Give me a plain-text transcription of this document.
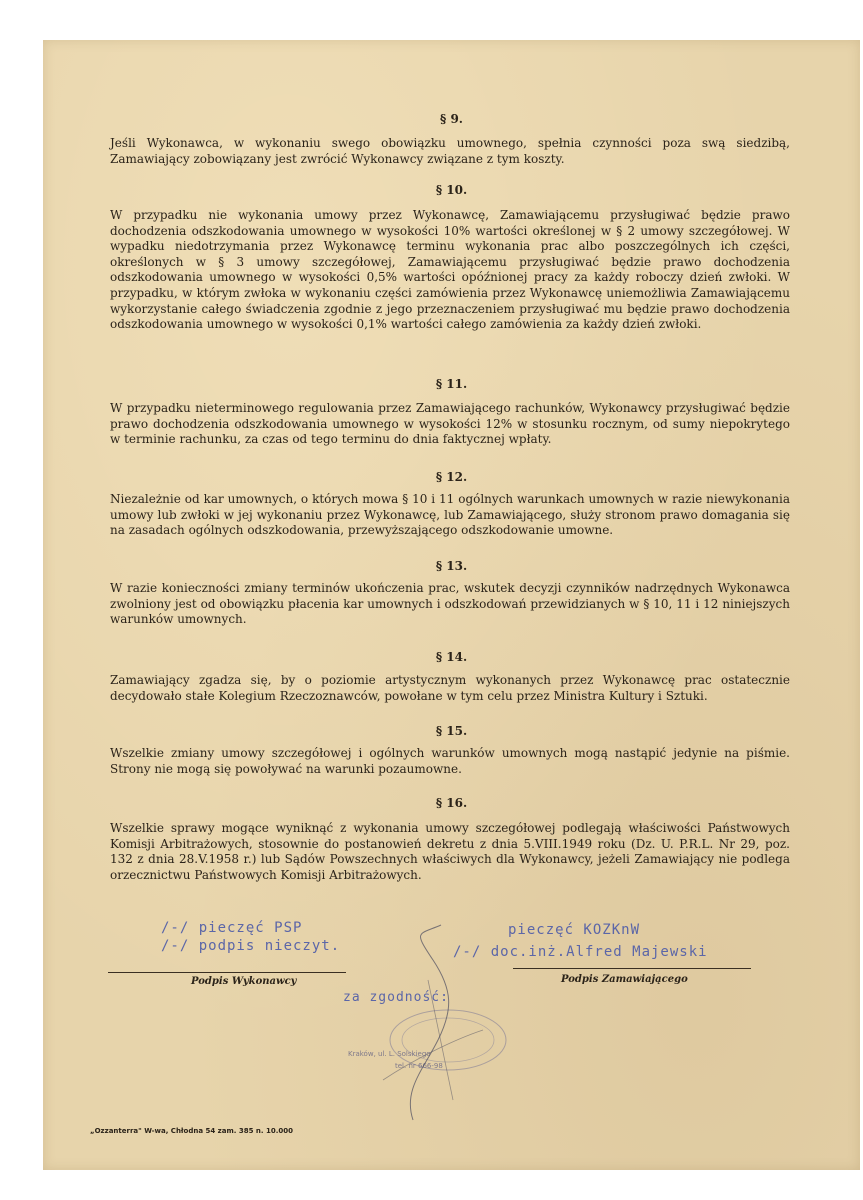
§ 9.
Jeśli Wykonawca, w wykonaniu swego obowiązku umownego, spełnia czynności poza swą siedzibą, Zamawiający zobowiązany jest zwrócić Wykonawcy związane z tym koszty.
§ 10.
W przypadku nie wykonania umowy przez Wykonawcę, Zamawiającemu przysługiwać będzie prawo dochodzenia odszkodowania umownego w wysokości 10% wartości określonej w § 2 umowy szczegółowej. W wypadku niedotrzymania przez Wykonawcę terminu wykonania prac albo poszczególnych ich części, określonych w § 3 umowy szczegółowej, Zamawiającemu przysługiwać będzie prawo dochodzenia odszkodowania umownego w wysokości 0,5% wartości opóźnionej pracy za każdy roboczy dzień zwłoki. W przypadku, w którym zwłoka w wykonaniu części zamówienia przez Wykonawcę uniemożliwia Zamawiającemu wykorzystanie całego świadczenia zgodnie z jego przeznaczeniem przysługiwać mu będzie prawo dochodzenia odszkodowania umownego w wysokości 0,1% wartości całego zamówienia za każdy dzień zwłoki.
§ 11.
W przypadku nieterminowego regulowania przez Zamawiającego rachunków, Wykonawcy przysługiwać będzie prawo dochodzenia odszkodowania umownego w wysokości 12% w stosunku rocznym, od sumy niepokrytego w terminie rachunku, za czas od tego terminu do dnia faktycznej wpłaty.
§ 12.
Niezależnie od kar umownych, o których mowa § 10 i 11 ogólnych warunkach umownych w razie niewykonania umowy lub zwłoki w jej wykonaniu przez Wykonawcę, lub Zamawiającego, służy stronom prawo domagania się na zasadach ogólnych odszkodowania, przewyższającego odszkodowanie umowne.
§ 13.
W razie konieczności zmiany terminów ukończenia prac, wskutek decyzji czynników nadrzędnych Wykonawca zwolniony jest od obowiązku płacenia kar umownych i odszkodowań przewidzianych w § 10, 11 i 12 niniejszych warunków umownych.
§ 14.
Zamawiający zgadza się, by o poziomie artystycznym wykonanych przez Wykonawcę prac ostatecznie decydowało stałe Kolegium Rzeczoznawców, powołane w tym celu przez Ministra Kultury i Sztuki.
§ 15.
Wszelkie zmiany umowy szczegółowej i ogólnych warunków umownych mogą nastąpić jedynie na piśmie. Strony nie mogą się powoływać na warunki pozaumowne.
§ 16.
Wszelkie sprawy mogące wyniknąć z wykonania umowy szczegółowej podlegają właściwości Państwowych Komisji Arbitrażowych, stosownie do postanowień dekretu z dnia 5.VIII.1949 roku (Dz. U. P.R.L. Nr 29, poz. 132 z dnia 28.V.1958 r.) lub Sądów Powszechnych właściwych dla Wykonawcy, jeżeli Zamawiający nie podlega orzecznictwu Państwowych Komisji Arbitrażowych.
/-/ pieczęć PSP
/-/ podpis nieczyt.
pieczęć KOZKnW
/-/ doc.inż.Alfred Majewski
Podpis Wykonawcy	Podpis Zamawiającego
za zgodność:
Kraków, ul. L. Solskiego
tel. nr 666-98
„Ozzanterra" W-wa, Chłodna 54 zam. 385 n. 10.000
